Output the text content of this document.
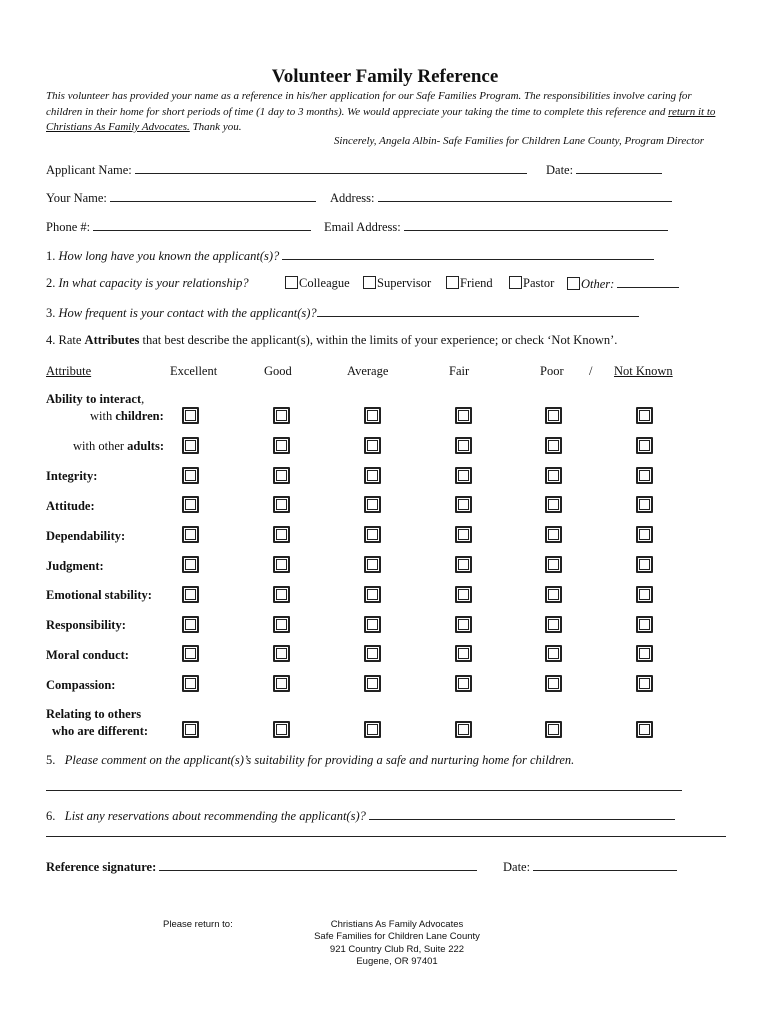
Volunteer Family Reference
This volunteer has provided your name as a reference in his/her application for our Safe Families Program. The responsibilities involve caring for children in their home for short periods of time (1 day to 3 months). We would appreciate your taking the time to complete this reference and return it to Christians As Family Advocates. Thank you.
Sincerely, Angela Albin- Safe Families for Children Lane County, Program Director
Applicant Name:	Date:
Your Name:	Address:
Phone #:	Email Address:
1. How long have you known the applicant(s)?
2. In what capacity is your relationship?	Colleague	Supervisor	Friend	Pastor	Other:
3. How frequent is your contact with the applicant(s)?
4. Rate Attributes that best describe the applicant(s), within the limits of your experience; or check ‘Not Known’.
Attribute	Excellent	Good	Average	Fair	Poor / Not Known
Ability to interact,
with children:
with other adults:
Integrity:
Attitude:
Dependability:
Judgment:
Emotional stability:
Responsibility:
Moral conduct:
Compassion:
Relating to others
who are different:
5. Please comment on the applicant(s)’s suitability for providing a safe and nurturing home for children.
6. List any reservations about recommending the applicant(s)?
Reference signature:	Date:
Please return to:	Christians As Family Advocates
Safe Families for Children Lane County
921 Country Club Rd, Suite 222
Eugene, OR 97401
